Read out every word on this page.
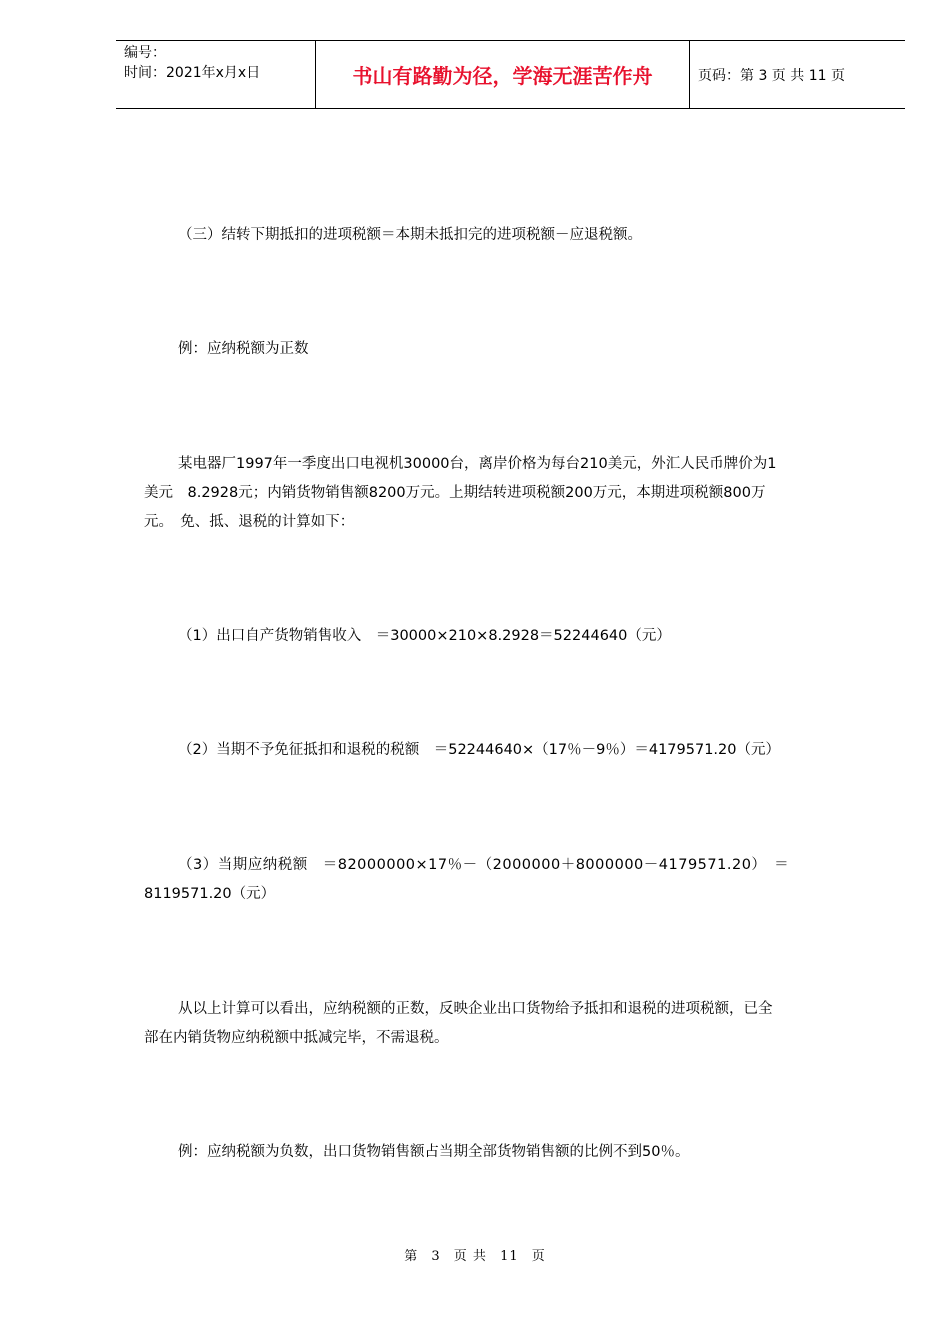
编号：
时间：2021年x月x日	书山有路勤为径，学海无涯苦作舟	页码：第 3 页 共 11 页

（三）结转下期抵扣的进项税额＝本期未抵扣完的进项税额－应退税额。

例：应纳税额为正数

某电器厂1997年一季度出口电视机30000台，离岸价格为每台210美元，外汇人民币牌价为1
美元　8.2928元；内销货物销售额8200万元。上期结转进项税额200万元，本期进项税额800万
元。　免、抵、退税的计算如下：

（1）出口自产货物销售收入　＝30000×210×8.2928＝52244640（元）

（2）当期不予免征抵扣和退税的税额　＝52244640×（17％－9％）＝4179571.20（元）

（3）当期应纳税额　＝82000000×17％－（2000000＋8000000－4179571.20）　＝
8119571.20（元）
从以上计算可以看出，应纳税额的正数，反映企业出口货物给予抵扣和退税的进项税额，已全
部在内销货物应纳税额中抵减完毕，不需退税。

例：应纳税额为负数，出口货物销售额占当期全部货物销售额的比例不到50％。

第 3 页 共 11 页
